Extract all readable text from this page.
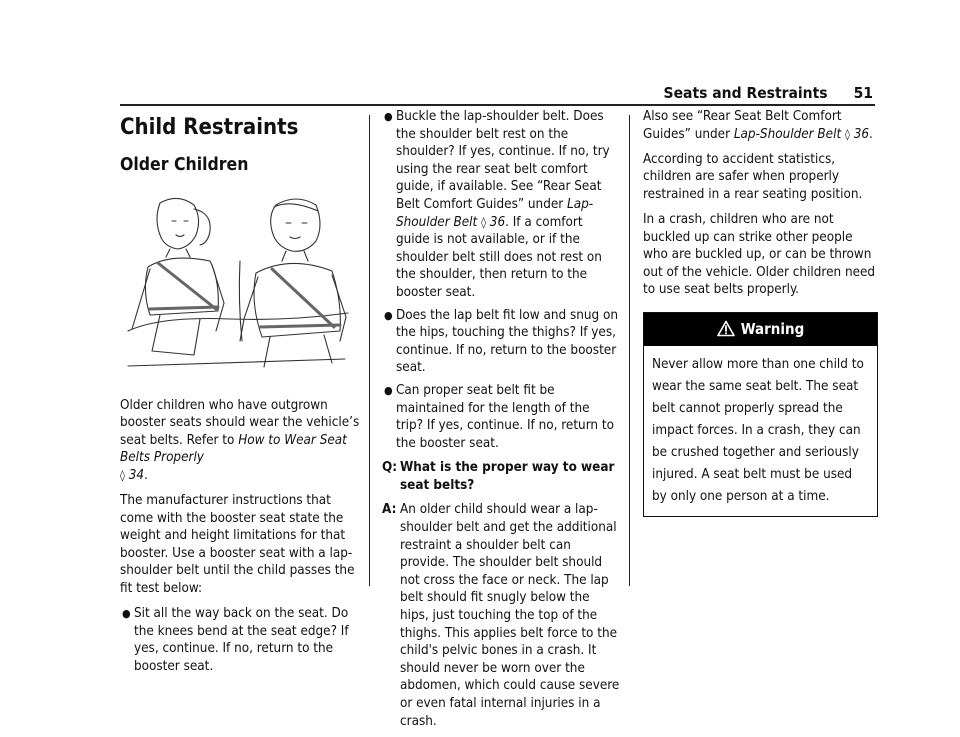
Seats and Restraints 51
Child Restraints
Older Children

Older children who have outgrown booster seats should wear the vehicle’s seat belts. Refer to How to Wear Seat Belts Properly
◊ 34.

The manufacturer instructions that come with the booster seat state the weight and height limitations for that booster. Use a booster seat with a lap-shoulder belt until the child passes the fit test below:

● Sit all the way back on the seat. Do the knees bend at the seat edge? If yes, continue. If no, return to the booster seat.
● Buckle the lap-shoulder belt. Does the shoulder belt rest on the shoulder? If yes, continue. If no, try using the rear seat belt comfort guide, if available. See “Rear Seat Belt Comfort Guides” under Lap-Shoulder Belt ◊ 36. If a comfort guide is not available, or if the shoulder belt still does not rest on the shoulder, then return to the booster seat.
● Does the lap belt fit low and snug on the hips, touching the thighs? If yes, continue. If no, return to the booster seat.
● Can proper seat belt fit be maintained for the length of the trip? If yes, continue. If no, return to the booster seat.
Q: What is the proper way to wear seat belts?
A: An older child should wear a lap-shoulder belt and get the additional restraint a shoulder belt can provide. The shoulder belt should not cross the face or neck. The lap belt should fit snugly below the hips, just touching the top of the thighs. This applies belt force to the child's pelvic bones in a crash. It should never be worn over the abdomen, which could cause severe or even fatal internal injuries in a crash.

Also see “Rear Seat Belt Comfort Guides” under Lap-Shoulder Belt ◊ 36.

According to accident statistics, children are safer when properly restrained in a rear seating position.

In a crash, children who are not buckled up can strike other people who are buckled up, or can be thrown out of the vehicle. Older children need to use seat belts properly.

Warning
Never allow more than one child to wear the same seat belt. The seat belt cannot properly spread the impact forces. In a crash, they can be crushed together and seriously injured. A seat belt must be used by only one person at a time.
